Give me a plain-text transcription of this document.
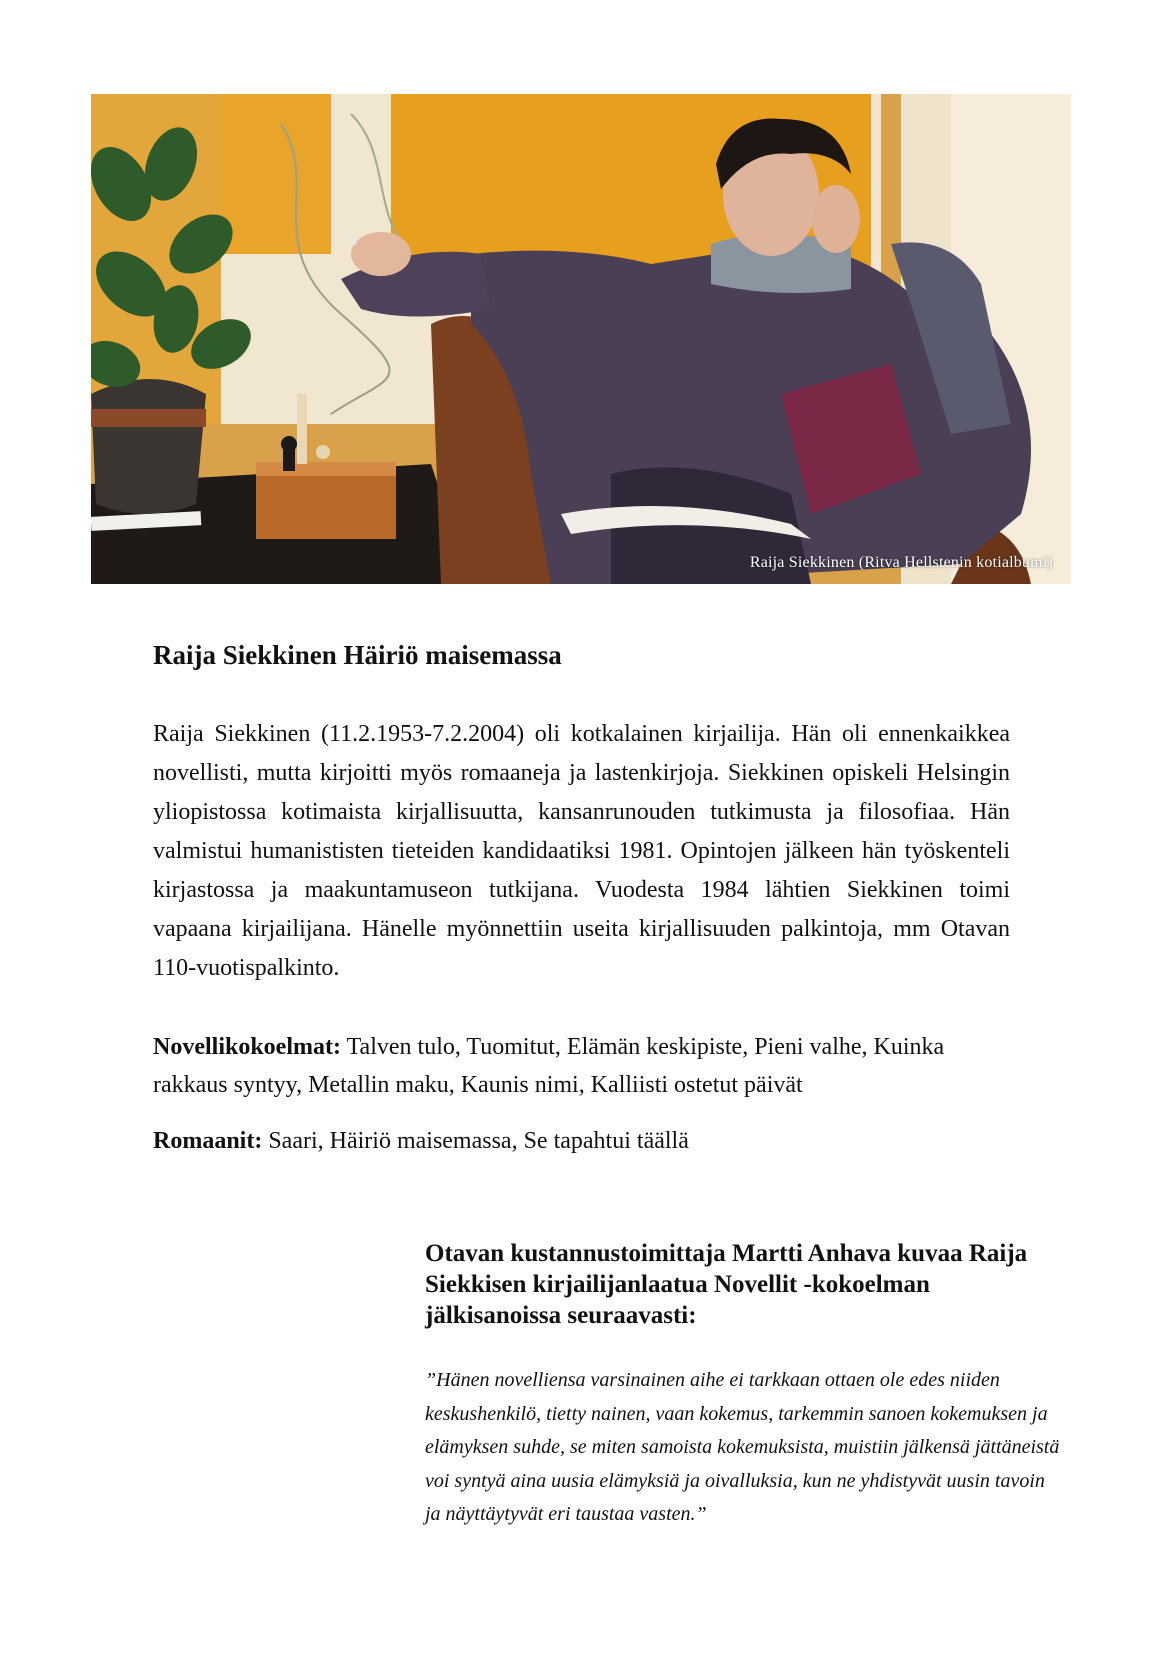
Raija Siekkinen (Ritva Hellstenin kotialbumi)
Raija Siekkinen Häiriö maisemassa

Raija Siekkinen (11.2.1953-7.2.2004) oli kotkalainen kirjailija. Hän oli ennenkaikkea novellisti, mutta kirjoitti myös romaaneja ja lastenkirjoja. Siekkinen opiskeli Helsingin yliopistossa kotimaista kirjallisuutta, kansanrunouden tutkimusta ja filosofiaa. Hän valmistui humanististen tieteiden kandidaatiksi 1981. Opintojen jälkeen hän työskenteli kirjastossa ja maakuntamuseon tutkijana. Vuodesta 1984 lähtien Siekkinen toimi vapaana kirjailijana. Hänelle myönnettiin useita kirjallisuuden palkintoja, mm Otavan 110-vuotispalkinto.

Novellikokoelmat: Talven tulo, Tuomitut, Elämän keskipiste, Pieni valhe, Kuinka rakkaus syntyy, Metallin maku, Kaunis nimi, Kalliisti ostetut päivät

Romaanit: Saari, Häiriö maisemassa, Se tapahtui täällä

Otavan kustannustoimittaja Martti Anhava kuvaa Raija Siekkisen kirjailijanlaatua Novellit -kokoelman jälkisanoissa seuraavasti:

”Hänen novelliensa varsinainen aihe ei tarkkaan ottaen ole edes niiden keskushenkilö, tietty nainen, vaan kokemus, tarkemmin sanoen kokemuksen ja elämyksen suhde, se miten samoista kokemuksista, muistiin jälkensä jättäneistä voi syntyä aina uusia elämyksiä ja oivalluksia, kun ne yhdistyvät uusin tavoin ja näyttäytyvät eri taustaa vasten.”
